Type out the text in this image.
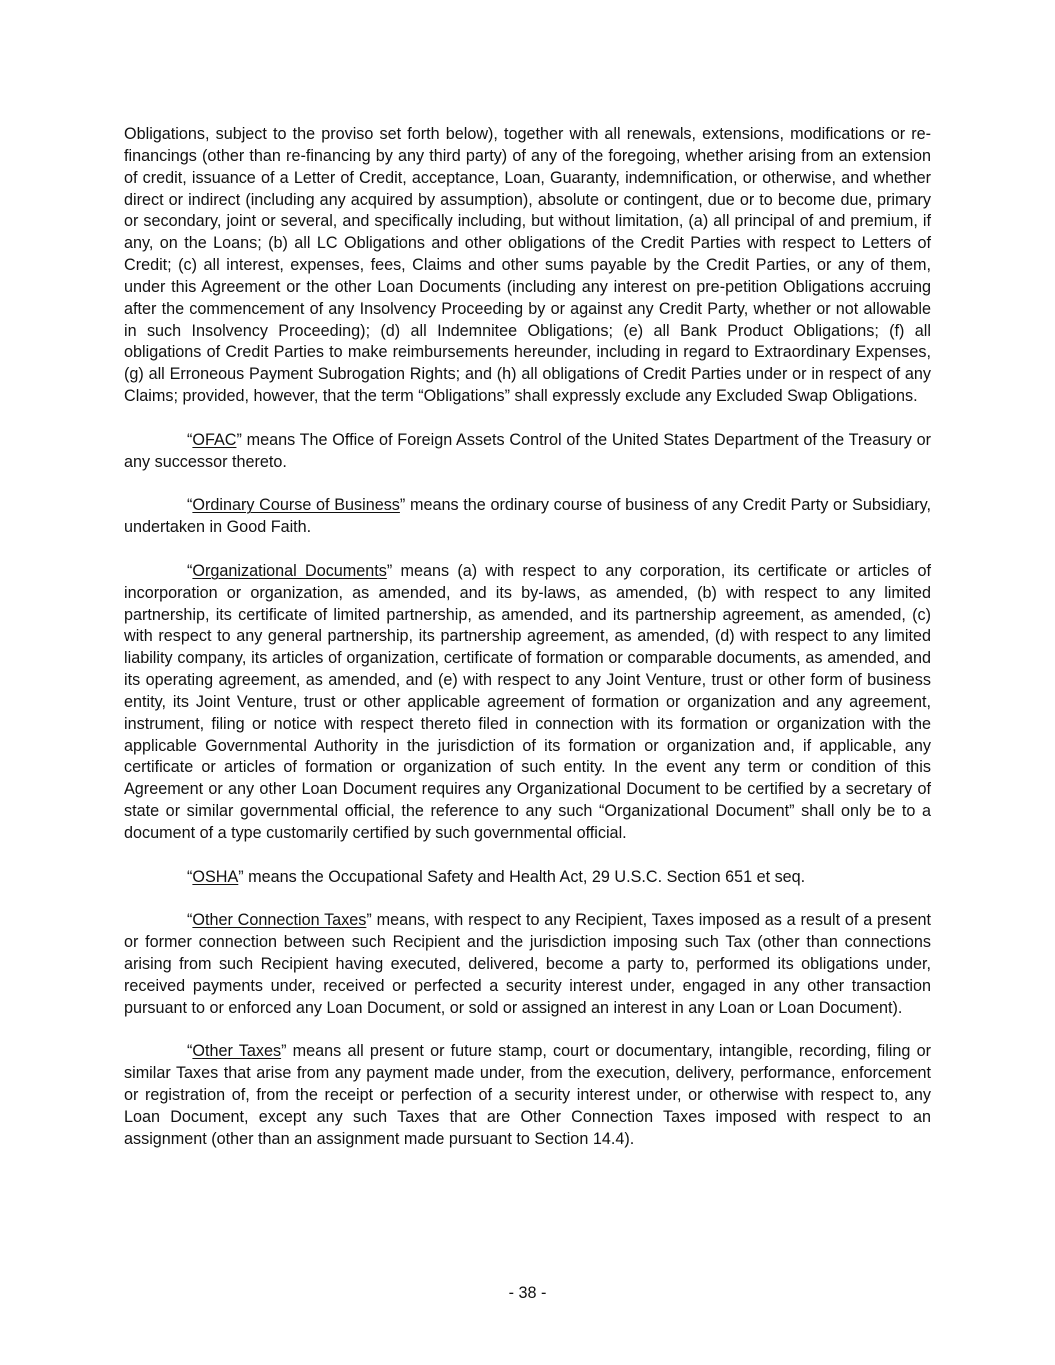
Obligations, subject to the proviso set forth below), together with all renewals, extensions, modifications or re-financings (other than re-financing by any third party) of any of the foregoing, whether arising from an extension of credit, issuance of a Letter of Credit, acceptance, Loan, Guaranty, indemnification, or otherwise, and whether direct or indirect (including any acquired by assumption), absolute or contingent, due or to become due, primary or secondary, joint or several, and specifically including, but without limitation, (a) all principal of and premium, if any, on the Loans; (b) all LC Obligations and other obligations of the Credit Parties with respect to Letters of Credit; (c) all interest, expenses, fees, Claims and other sums payable by the Credit Parties, or any of them, under this Agreement or the other Loan Documents (including any interest on pre-petition Obligations accruing after the commencement of any Insolvency Proceeding by or against any Credit Party, whether or not allowable in such Insolvency Proceeding); (d) all Indemnitee Obligations; (e) all Bank Product Obligations; (f) all obligations of Credit Parties to make reimbursements hereunder, including in regard to Extraordinary Expenses, (g) all Erroneous Payment Subrogation Rights; and (h) all obligations of Credit Parties under or in respect of any Claims; provided, however, that the term “Obligations” shall expressly exclude any Excluded Swap Obligations.

“OFAC” means The Office of Foreign Assets Control of the United States Department of the Treasury or any successor thereto.

“Ordinary Course of Business” means the ordinary course of business of any Credit Party or Subsidiary, undertaken in Good Faith.

“Organizational Documents” means (a) with respect to any corporation, its certificate or articles of incorporation or organization, as amended, and its by-laws, as amended, (b) with respect to any limited partnership, its certificate of limited partnership, as amended, and its partnership agreement, as amended, (c) with respect to any general partnership, its partnership agreement, as amended, (d) with respect to any limited liability company, its articles of organization, certificate of formation or comparable documents, as amended, and its operating agreement, as amended, and (e) with respect to any Joint Venture, trust or other form of business entity, its Joint Venture, trust or other applicable agreement of formation or organization and any agreement, instrument, filing or notice with respect thereto filed in connection with its formation or organization with the applicable Governmental Authority in the jurisdiction of its formation or organization and, if applicable, any certificate or articles of formation or organization of such entity. In the event any term or condition of this Agreement or any other Loan Document requires any Organizational Document to be certified by a secretary of state or similar governmental official, the reference to any such “Organizational Document” shall only be to a document of a type customarily certified by such governmental official.

“OSHA” means the Occupational Safety and Health Act, 29 U.S.C. Section 651 et seq.

“Other Connection Taxes” means, with respect to any Recipient, Taxes imposed as a result of a present or former connection between such Recipient and the jurisdiction imposing such Tax (other than connections arising from such Recipient having executed, delivered, become a party to, performed its obligations under, received payments under, received or perfected a security interest under, engaged in any other transaction pursuant to or enforced any Loan Document, or sold or assigned an interest in any Loan or Loan Document).

“Other Taxes” means all present or future stamp, court or documentary, intangible, recording, filing or similar Taxes that arise from any payment made under, from the execution, delivery, performance, enforcement or registration of, from the receipt or perfection of a security interest under, or otherwise with respect to, any Loan Document, except any such Taxes that are Other Connection Taxes imposed with respect to an assignment (other than an assignment made pursuant to Section 14.4).

- 38 -
